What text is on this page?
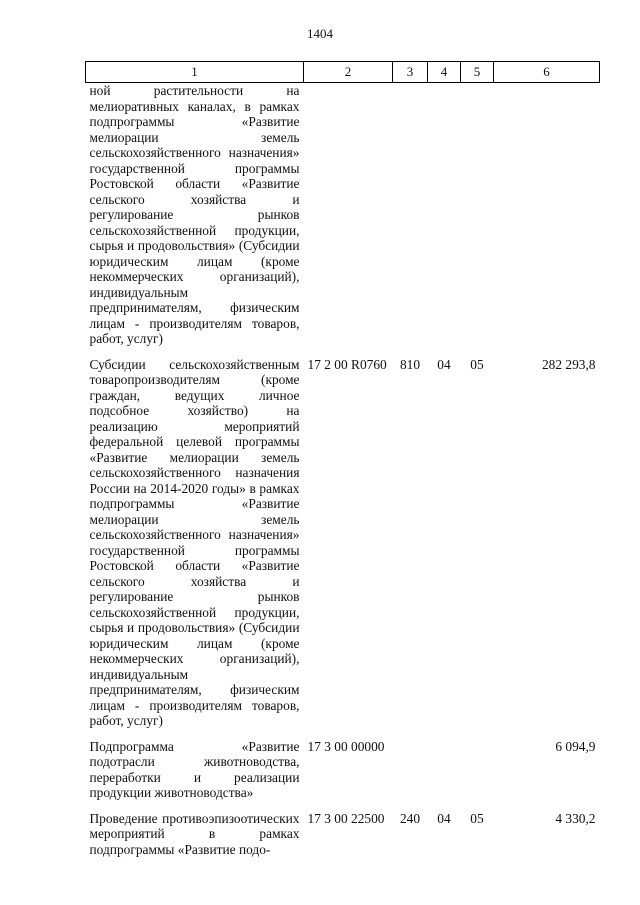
1404
1	2	3	4	5	6
ной растительности на мелиоративных каналах, в рамках подпрограммы «Развитие мелиорации земель сельскохозяйственного назначения» государственной программы Ростовской области «Развитие сельского хозяйства и регулирование рынков сельскохозяйственной продукции, сырья и продовольствия» (Субсидии юридическим лицам (кроме некоммерческих организаций), индивидуальным предпринимателям, физическим лицам - производителям товаров, работ, услуг)					

Субсидии сельскохозяйственным товаропроизводителям (кроме граждан, ведущих личное подсобное хозяйство) на реализацию мероприятий федеральной целевой программы «Развитие мелиорации земель сельскохозяйственного назначения России на 2014-2020 годы» в рамках подпрограммы «Развитие мелиорации земель сельскохозяйственного назначения» государственной программы Ростовской области «Развитие сельского хозяйства и регулирование рынков сельскохозяйственной продукции, сырья и продовольствия» (Субсидии юридическим лицам (кроме некоммерческих организаций), индивидуальным предпринимателям, физическим лицам - производителям товаров, работ, услуг)	17 2 00 R0760	810	04	05	282 293,8

Подпрограмма «Развитие подотрасли животноводства, переработки и реализации продукции животноводства»	17 3 00 00000				6 094,9

Проведение противоэпизоотических мероприятий в рамках подпрограммы «Развитие подо-	17 3 00 22500	240	04	05	4 330,2
